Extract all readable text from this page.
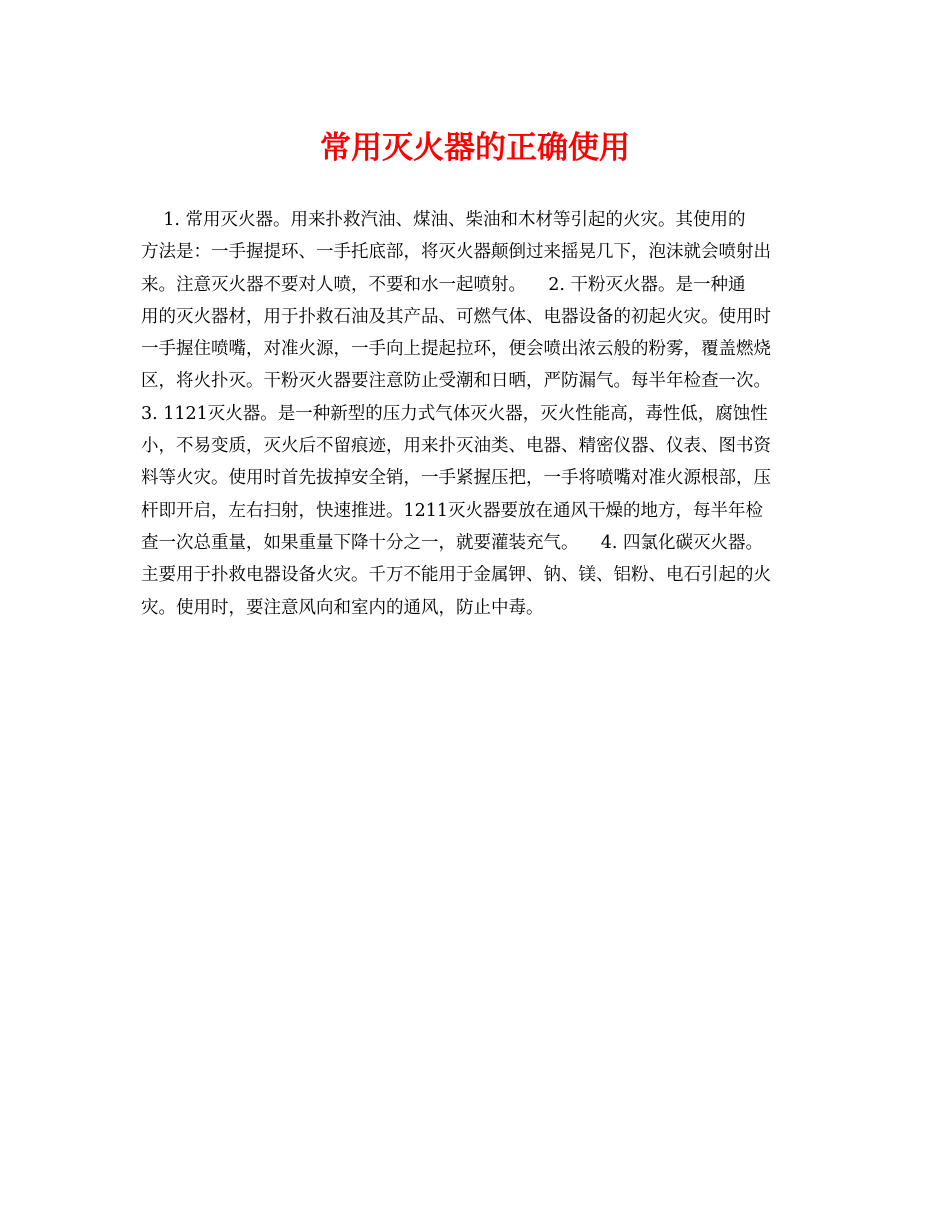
常用灭火器的正确使用
1. 常用灭火器。用来扑救汽油、煤油、柴油和木材等引起的火灾。其使用的
方法是：一手握提环、一手托底部，将灭火器颠倒过来摇晃几下，泡沫就会喷射出
来。注意灭火器不要对人喷，不要和水一起喷射。    2. 干粉灭火器。是一种通
用的灭火器材，用于扑救石油及其产品、可燃气体、电器设备的初起火灾。使用时
一手握住喷嘴，对准火源，一手向上提起拉环，便会喷出浓云般的粉雾，覆盖燃烧
区，将火扑灭。干粉灭火器要注意防止受潮和日晒，严防漏气。每半年检查一次。
3. 1121灭火器。是一种新型的压力式气体灭火器，灭火性能高，毒性低，腐蚀性
小，不易变质，灭火后不留痕迹，用来扑灭油类、电器、精密仪器、仪表、图书资
料等火灾。使用时首先拔掉安全销，一手紧握压把，一手将喷嘴对准火源根部，压
杆即开启，左右扫射，快速推进。1211灭火器要放在通风干燥的地方，每半年检
查一次总重量，如果重量下降十分之一，就要灌装充气。    4. 四氯化碳灭火器。
主要用于扑救电器设备火灾。千万不能用于金属钾、钠、镁、铝粉、电石引起的火
灾。使用时，要注意风向和室内的通风，防止中毒。
